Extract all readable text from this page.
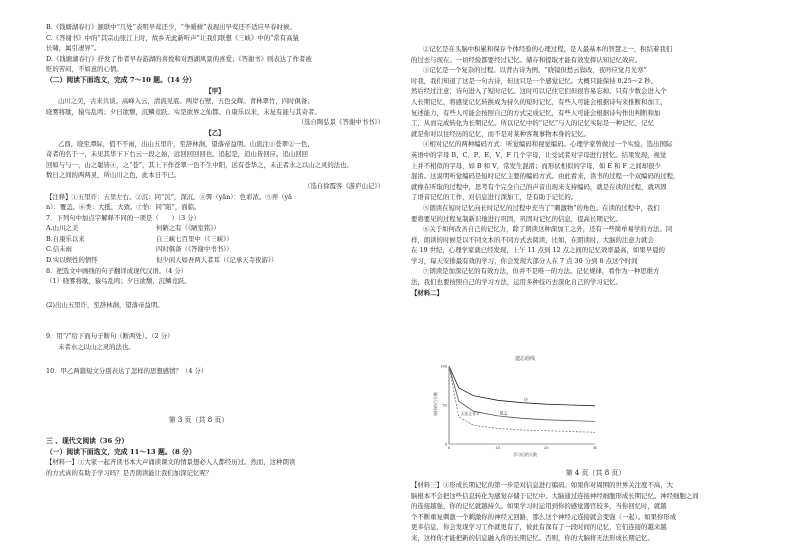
B.《钱塘湖春行》颔联中“几处”表明早莺还少，“争暖树”表现出早莺还不适应早春时候。

C.《答谢书》中的“其宗山张江上时，故乡无此新听声”让我们联想《三峡》中的“常有高猿

长啸，属引凄异”。

D.《钱塘湖春行》抒发了作者早春游湖的喜悦和对西湖风景的喜爱；《答谢书》则表达了作者被

贬的苦闷，不如意的心情。

（二）阅读下面选文，完成 7～10 题。（14 分）

【甲】

山川之美，古来共谈。高峰入云，清流见底。两岸石壁，五色交辉。青林翠竹，四时俱备。

晓雾将歇，猿鸟乱鸣；夕日欲颓，沉鳞竞跃。实是欲界之仙都。自康乐以来，未复有能与其奇者。

（选自陶弘景《答谢中书书》）

【乙】

乙酉，晓至潭际，值不不雨，出山五里许，至辞林涧，望落帝益明。山流注①苍翠②一色，

奇者的名于一，未见其华下下右云一段之始，远回回回回也。追起是，追山皆回应。追山回回

回如与与一，山之聪皆④，之“苍”，其上下作苍翠一色不生中阳，远有苍华之，未正者水之以山之灵的法也。

数日之间的两两灵，所山川之色，此本日不已。

（选自徐霞客《游庐山记》）

【注释】①五里许：五里左右。②沉：同“沉”，深沉。④霁（yǎn）：色彩浓。⑤弄（yǎ

n）：覆盖。⑥类：大抵，大致。⑦怡：同“陷”，面临。

7．下列句中加点字解释不同的一项是（　　）（3 分）

A.山川之美	何陋之有（《陋室铭》）
B.自康乐以来	自三峡七百里中（《三峡》）
C.信未雨	四时俱备（《答谢中书书》）
D.实以娱性的情怀	但少闲人如吾两人者耳（《记承天寺夜游》）

8．把选文中画线的句子翻译成现代汉语。（4 分）

（1）晓雾将歇，猿鸟乱鸣；夕日欲颓，沉鳞竞跃。

(2)出山五里许，至辞林涧，望落帝益明。

9．用“/”给下面句子断句（断两处）。（2 分）

未者水之以山之灵的法也。

10．甲乙两篇短文分别表达了怎样的思想感情？（4 分）

第 3 页（共 8 页）

三 、现代文阅读（36 分）

（一）阅读下面选文，完成 11～13 题。（8 分）

【材料一】①大家一起齐读书本大声诵读课文的情景想必人人都经历过。然而，这种朗读

的方式真的有助于学习吗？是否朗读能让我们加深记忆呢？

②记忆是在头脑中积累和保存个体经验的心理过程，是人最基本的智慧之一，积结着我们

的过去与现在。一切经验都要经过记忆。储存和提取才能有效发挥认知记忆效应。

③记忆是一个复杂的过程。以背古诗为例，“晓镜但愁云鬓改，夜吟应觉月光寒”

时我，我们知道了这是一句古诗，但这只是一个感觉记忆。大概只能保持 0.25～2 秒。

然后经过注意，诗句进入了短时记忆。这时可以记住它们但很容易忘掉。只有少数会进入个

人长期记忆，将感觉记忆转换成为持久的短时记忆，有些人可能会根据诗句来推断和加工，

复述能力，有些人可能会按照自己的方式完成记忆，有些人可能会根据诗句作出判断和加

工，从而完成转化为长期记忆。所以记忆中的“记忆”与人的记忆实际是一种记忆，记忆

就是你对以往经历的记忆，而不是对某种客观事物本身的记忆。

④相对记忆的两种编码方式：听觉编码和视觉编码。心理学家曾做过一个实验，选出国际

英语中的字母 B、C、P、E、V、F 几个字母，让受试者对字母进行回忆。结果发现，视觉

上并不相似的字母，如 B 和 V，常发生混淆；而形状相似的字母，如 E 和 F 之间却很少

混淆。这说明听觉编码是短时记忆主要的编码方式。由此看来，读书的过程一个双编码的过程，

就像在听取的过程中，思考有个完全自己的声音出现来支持编码，就是在读的过程，就巩固

了语音记忆的工作，对信息进行深加工，是有助于记忆的。

⑤朗读在短时记忆向长时记忆的过程中充当了“刺激物”的角色。在读的过程中，我们

要将要见的过程复制新识地进行巩固，巩固对记忆的信息，提高长期记忆。

⑥关于如何改善自己的记忆力，除了朗读这种深加工之外，还有一些简单易学的方法。同

样，朗读的时候是以不同文本的不同方式去阅读，比如，在朗读时，大脑的注意力就会

在 19 世纪，心理学家就已经发现，上午 11 点到 12 点之间的记忆效率最高，如果早晨的

学习，每天安排最有效的学习，你会发现大部分人在 7 点 30 分到 8 点这个时间

⑦朗读是加深记忆的有效方法，但并不是唯一的方法。记忆规律，看作为一种思维方

法，我们也要按照自己的学习方法，运用多种技巧去深化自己的学习记忆。

【材料二】

遗忘曲线
保持的百分数
学习后的天数
0
50
100
0	10	20	30
诗
散文
无意义音节
第 4 页（共 8 页）

【材料三】①形成长期记忆的第一步是对信息进行编码。如果你对周围的世界关注度不高，大

脑根本不会把这些信息转化为感觉存储于记忆中。大脑通过连接神经细胞形成长期记忆。神经细胞之间

的连接越强，你的记忆就越持久。如果学习时运用到你的感觉器官较多，当你回忆时，就越

个不断重复刺激一个刺激你的神经元回路，那么这个神经元连接就会变强（一起）。如果你形成

更多信息，你会发现学习工作就更有了，彼此有深有了一段时间的记忆，它们连接的越来越

来，这样你才能把新的信息融入你的长期记忆。否则，你的大脑将无法形成长期记忆。
